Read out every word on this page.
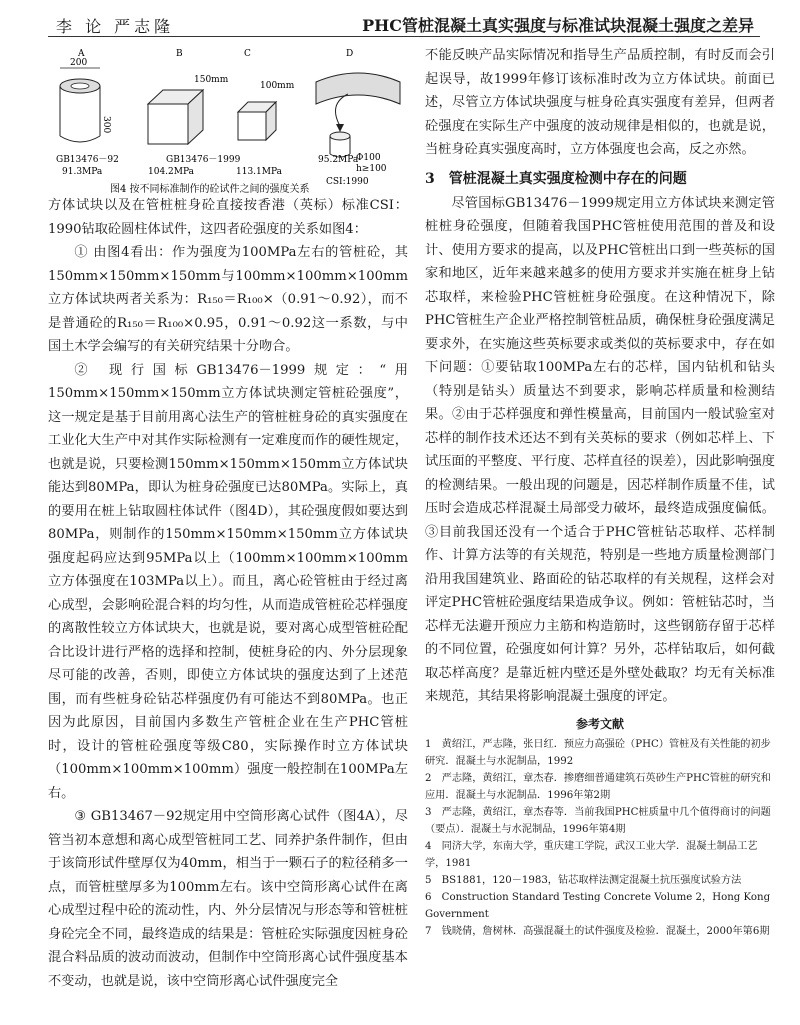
李 论 严志隆	PHC管桩混凝土真实强度与标准试块混凝土强度之差异
A
200
300
B
150mm
C
100mm
D
Φ100
h≥100
GB13476－92
91.3MPa
GB13476－1999
104.2MPa	113.1MPa
CSI:1990
95.2MPa
图4 按不同标准制作的砼试件之间的强度关系

方体试块以及在管桩桩身砼直接按香港（英标）标准CSI：1990钻取砼圆柱体试件，这四者砼强度的关系如图4：

① 由图4看出：作为强度为100MPa左右的管桩砼，其150mm×150mm×150mm与100mm×100mm×100mm立方体试块两者关系为：R₁₅₀＝R₁₀₀×（0.91～0.92），而不是普通砼的R₁₅₀＝R₁₀₀×0.95，0.91～0.92这一系数，与中国土木学会编写的有关研究结果十分吻合。

② 现行国标GB13476－1999规定：“用150mm×150mm×150mm立方体试块测定管桩砼强度”，这一规定是基于目前用离心法生产的管桩桩身砼的真实强度在工业化大生产中对其作实际检测有一定难度而作的硬性规定，也就是说，只要检测150mm×150mm×150mm立方体试块能达到80MPa，即认为桩身砼强度已达80MPa。实际上，真的要用在桩上钻取圆柱体试件（图4D），其砼强度假如要达到80MPa，则制作的150mm×150mm×150mm立方体试块强度起码应达到95MPa以上（100mm×100mm×100mm立方体强度在103MPa以上）。而且，离心砼管桩由于经过离心成型，会影响砼混合料的均匀性，从而造成管桩砼芯样强度的离散性较立方体试块大，也就是说，要对离心成型管桩砼配合比设计进行严格的选择和控制，使桩身砼的内、外分层现象尽可能的改善，否则，即使立方体试块的强度达到了上述范围，而有些桩身砼钻芯样强度仍有可能达不到80MPa。也正因为此原因，目前国内多数生产管桩企业在生产PHC管桩时，设计的管桩砼强度等级C80，实际操作时立方体试块（100mm×100mm×100mm）强度一般控制在100MPa左右。

③ GB13467－92规定用中空筒形离心试件（图4A），尽管当初本意想和离心成型管桩同工艺、同养护条件制作，但由于该筒形试件壁厚仅为40mm，相当于一颗石子的粒径稍多一点，而管桩壁厚多为100mm左右。该中空筒形离心试件在离心成型过程中砼的流动性，内、外分层情况与形态等和管桩桩身砼完全不同，最终造成的结果是：管桩砼实际强度因桩身砼混合料品质的波动而波动，但制作中空筒形离心试件强度基本不变动，也就是说，该中空筒形离心试件强度完全

不能反映产品实际情况和指导生产品质控制，有时反而会引起误导，故1999年修订该标准时改为立方体试块。前面已述，尽管立方体试块强度与桩身砼真实强度有差异，但两者砼强度在实际生产中强度的波动规律是相似的，也就是说，当桩身砼真实强度高时，立方体强度也会高，反之亦然。

3　管桩混凝土真实强度检测中存在的问题

尽管国标GB13476－1999规定用立方体试块来测定管桩桩身砼强度，但随着我国PHC管桩使用范围的普及和设计、使用方要求的提高，以及PHC管桩出口到一些英标的国家和地区，近年来越来越多的使用方要求并实施在桩身上钻芯取样，来检验PHC管桩桩身砼强度。在这种情况下，除PHC管桩生产企业严格控制管桩品质，确保桩身砼强度满足要求外，在实施这些英标要求或类似的英标要求中，存在如下问题：①要钻取100MPa左右的芯样，国内钻机和钻头（特别是钻头）质量达不到要求，影响芯样质量和检测结果。②由于芯样强度和弹性模量高，目前国内一般试验室对芯样的制作技术还达不到有关英标的要求（例如芯样上、下试压面的平整度、平行度、芯样直径的误差），因此影响强度的检测结果。一般出现的问题是，因芯样制作质量不佳，试压时会造成芯样混凝土局部受力破坏，最终造成强度偏低。③目前我国还没有一个适合于PHC管桩钻芯取样、芯样制作、计算方法等的有关规范，特别是一些地方质量检测部门沿用我国建筑业、路面砼的钻芯取样的有关规程，这样会对评定PHC管桩砼强度结果造成争议。例如：管桩钻芯时，当芯样无法避开预应力主筋和构造筋时，这些钢筋存留于芯样的不同位置，砼强度如何计算？另外，芯样钻取后，如何截取芯样高度？是靠近桩内壁还是外壁处截取？均无有关标准来规范，其结果将影响混凝土强度的评定。

参考文献

1　黄绍江，严志隆，张日红．预应力高强砼（PHC）管桩及有关性能的初步研究．混凝土与水泥制品，1992

2　严志隆，黄绍江，章杰春．掺磨细普通建筑石英砂生产PHC管桩的研究和应用．混凝土与水泥制品．1996年第2期

3　严志隆，黄绍江，章杰春等．当前我国PHC桩质量中几个值得商讨的问题（要点）．混凝土与水泥制品，1996年第4期

4　同济大学，东南大学，重庆建工学院，武汉工业大学．混凝土制品工艺学，1981

5　BS1881，120－1983，钻芯取样法测定混凝土抗压强度试验方法

6　Construction Standard Testing Concrete Volume 2，Hong Kong Government

7　钱晓倩，詹树林．高强混凝土的试件强度及检验．混凝土，2000年第6期
